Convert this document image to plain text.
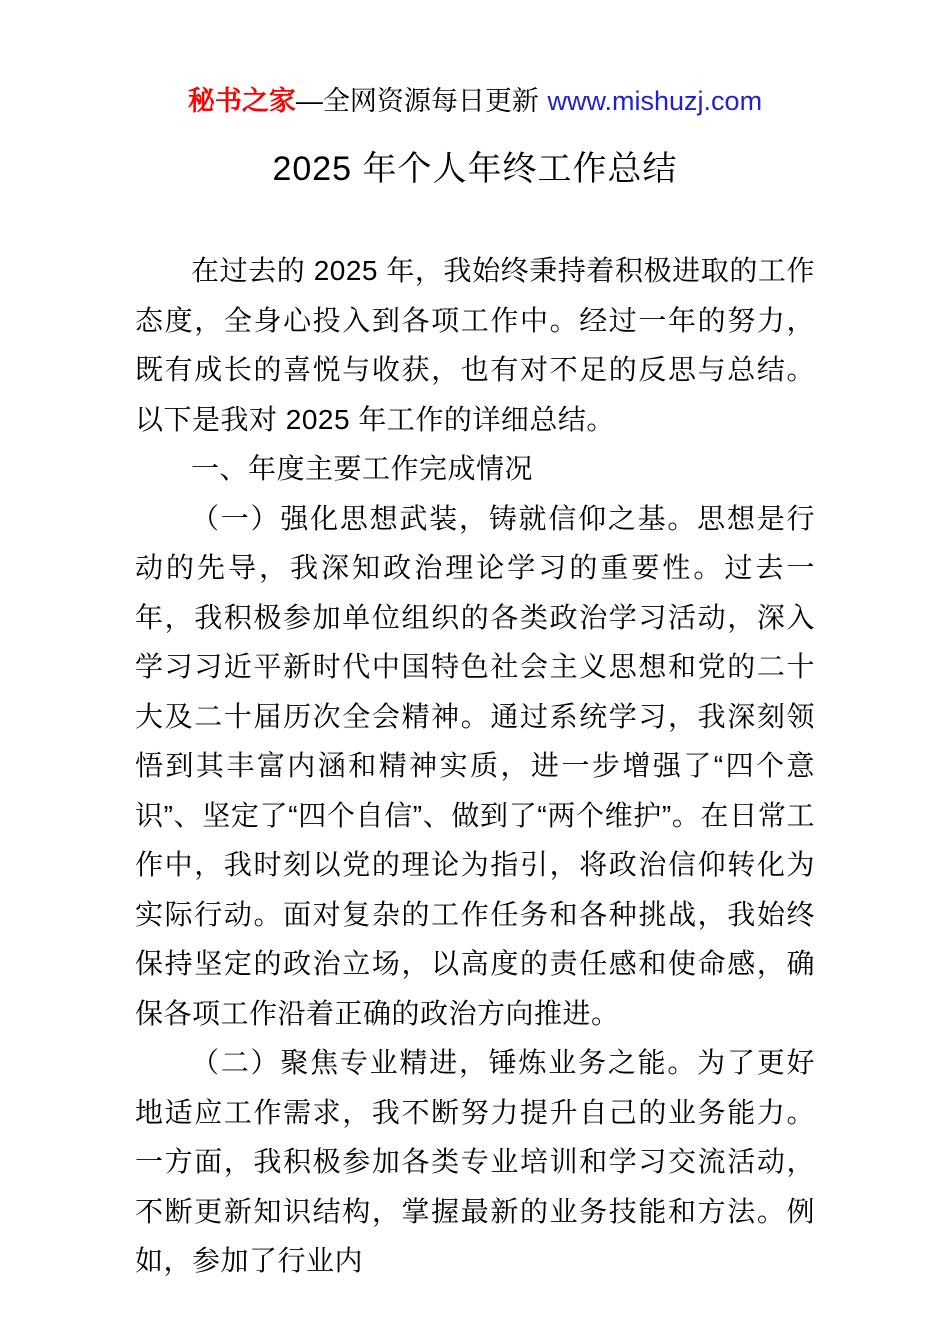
秘书之家—全网资源每日更新 www.mishuzj.com

2025 年个人年终工作总结

在过去的 2025 年，我始终秉持着积极进取的工作态度，全身心投入到各项工作中。经过一年的努力，既有成长的喜悦与收获，也有对不足的反思与总结。以下是我对 2025 年工作的详细总结。

一、年度主要工作完成情况

（一）强化思想武装，铸就信仰之基。思想是行动的先导，我深知政治理论学习的重要性。过去一年，我积极参加单位组织的各类政治学习活动，深入学习习近平新时代中国特色社会主义思想和党的二十大及二十届历次全会精神。通过系统学习，我深刻领悟到其丰富内涵和精神实质，进一步增强了“四个意识”、坚定了“四个自信”、做到了“两个维护”。在日常工作中，我时刻以党的理论为指引，将政治信仰转化为实际行动。面对复杂的工作任务和各种挑战，我始终保持坚定的政治立场，以高度的责任感和使命感，确保各项工作沿着正确的政治方向推进。

（二）聚焦专业精进，锤炼业务之能。为了更好地适应工作需求，我不断努力提升自己的业务能力。一方面，我积极参加各类专业培训和学习交流活动，不断更新知识结构，掌握最新的业务技能和方法。例如，参加了行业内
